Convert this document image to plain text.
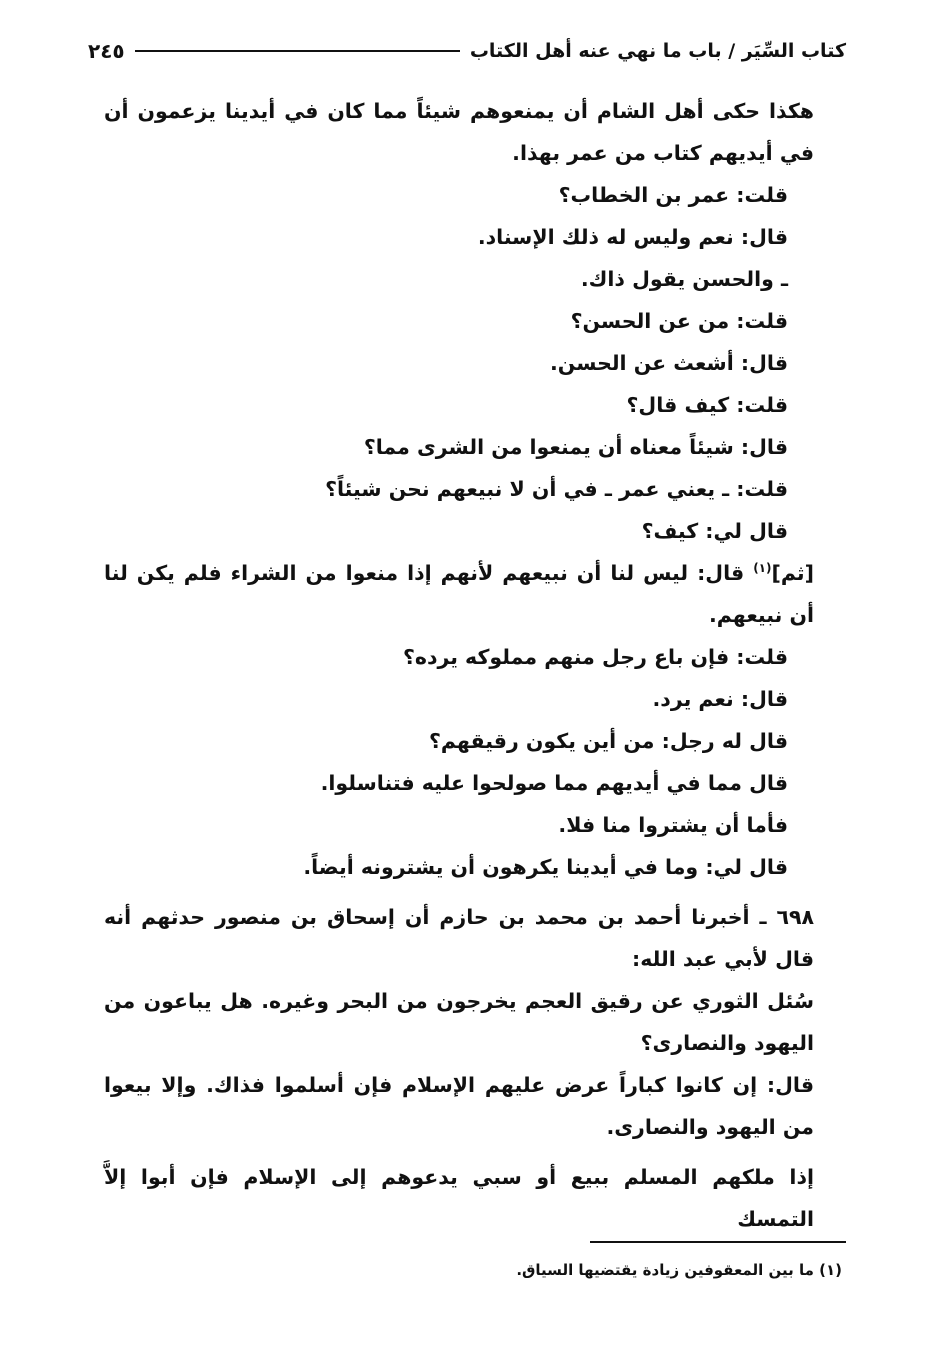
كتاب السِّيَر / باب ما نهي عنه أهل الكتاب
٢٤٥

هكذا حكى أهل الشام أن يمنعوهم شيئاً مما كان في أيدينا يزعمون أن في أيديهم كتاب من عمر بهذا.

قلت: عمر بن الخطاب؟

قال: نعم وليس له ذلك الإسناد.

ـ والحسن يقول ذاك.

قلت: من عن الحسن؟

قال: أشعث عن الحسن.

قلت: كيف قال؟

قال: شيئاً معناه أن يمنعوا من الشرى مما؟

قلت: ـ يعني عمر ـ في أن لا نبيعهم نحن شيئاً؟

قال لي: كيف؟

[ثم]$^{(١)}$ قال: ليس لنا أن نبيعهم لأنهم إذا منعوا من الشراء فلم يكن لنا أن نبيعهم.

قلت: فإن باع رجل منهم مملوكه يرده؟

قال: نعم يرد.

قال له رجل: من أين يكون رقيقهم؟

قال مما في أيديهم مما صولحوا عليه فتناسلوا.

فأما أن يشتروا منا فلا.

قال لي: وما في أيدينا يكرهون أن يشترونه أيضاً.

٦٩٨ ـ أخبرنا أحمد بن محمد بن حازم أن إسحاق بن منصور حدثهم أنه قال لأبي عبد الله:

سُئل الثوري عن رقيق العجم يخرجون من البحر وغيره. هل يباعون من اليهود والنصارى؟

قال: إن كانوا كباراً عرض عليهم الإسلام فإن أسلموا فذاك. وإلا بيعوا من اليهود والنصارى.

إذا ملكهم المسلم ببيع أو سبي يدعوهم إلى الإسلام فإن أبوا إلاَّ التمسك

(١) ما بين المعقوفين زيادة يقتضيها السياق.
